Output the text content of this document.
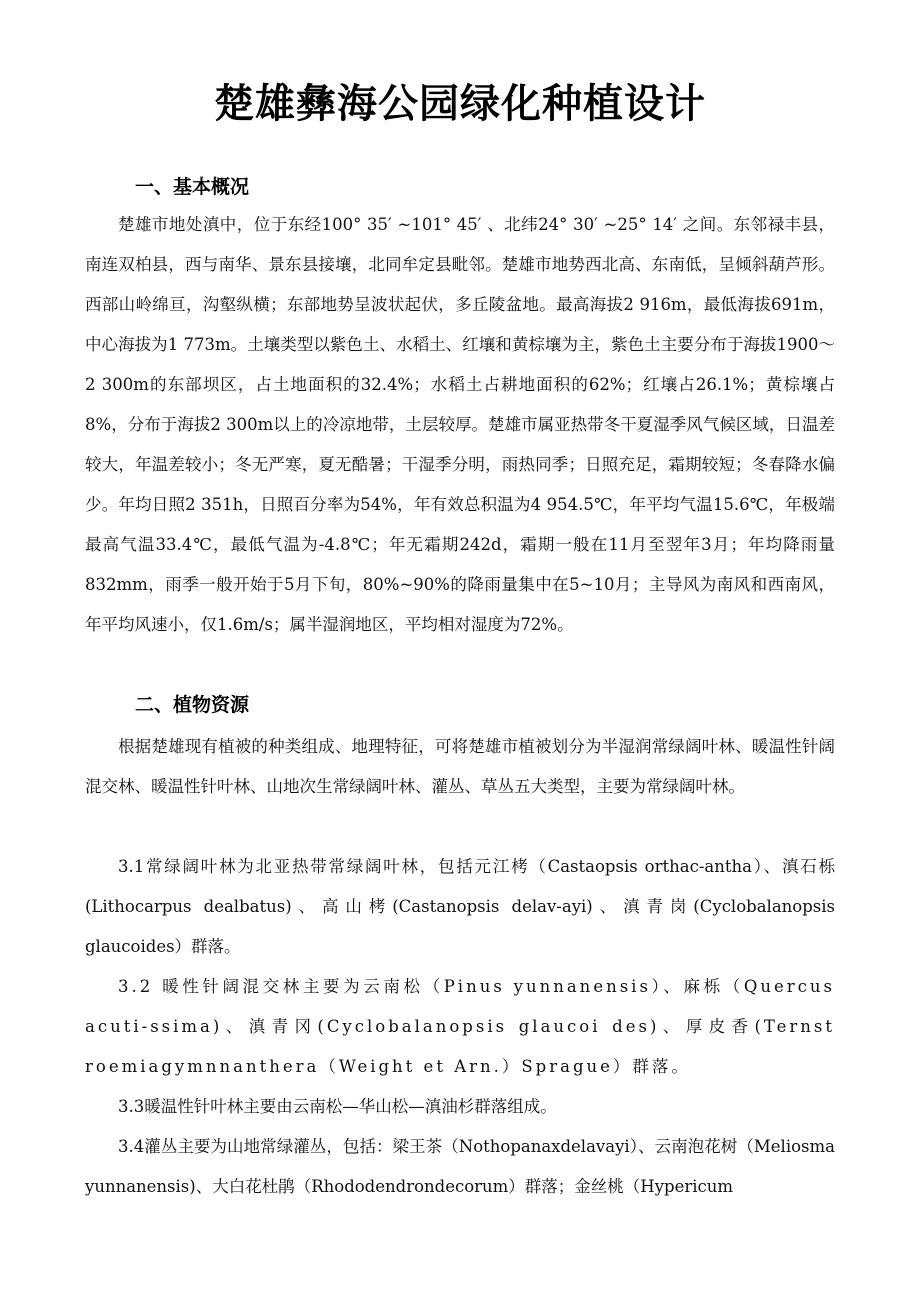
楚雄彝海公园绿化种植设计
一、基本概况

楚雄市地处滇中，位于东经100° 35′ ~101° 45′ 、北纬24° 30′ ~25° 14′ 之间。东邻禄丰县，南连双柏县，西与南华、景东县接壤，北同牟定县毗邻。楚雄市地势西北高、东南低，呈倾斜葫芦形。西部山岭绵亘，沟壑纵横；东部地势呈波状起伏，多丘陵盆地。最高海拔2 916m，最低海拔691m，中心海拔为1 773m。土壤类型以紫色土、水稻土、红壤和黄棕壤为主，紫色土主要分布于海拔1900～2 300m的东部坝区，占土地面积的32.4%；水稻土占耕地面积的62%；红壤占26.1%；黄棕壤占8%，分布于海拔2 300m以上的冷凉地带，土层较厚。楚雄市属亚热带冬干夏湿季风气候区域，日温差较大，年温差较小；冬无严寒，夏无酷暑；干湿季分明，雨热同季；日照充足，霜期较短；冬春降水偏少。年均日照2 351h，日照百分率为54%，年有效总积温为4 954.5℃，年平均气温15.6℃，年极端最高气温33.4℃，最低气温为-4.8℃；年无霜期242d，霜期一般在11月至翌年3月；年均降雨量832mm，雨季一般开始于5月下旬，80%~90%的降雨量集中在5~10月；主导风为南风和西南风，年平均风速小，仅1.6m/s；属半湿润地区，平均相对湿度为72%。

二、植物资源

根据楚雄现有植被的种类组成、地理特征，可将楚雄市植被划分为半湿润常绿阔叶林、暖温性针阔混交林、暖温性针叶林、山地次生常绿阔叶林、灌丛、草丛五大类型，主要为常绿阔叶林。

3.1常绿阔叶林为北亚热带常绿阔叶林，包括元江栲（Castaopsis orthac-antha）、滇石栎(Lithocarpus dealbatus)、高山栲(Castanopsis delav-ayi)、滇青岗(Cyclobalanopsis glaucoides）群落。

3.2 暖性针阔混交林主要为云南松（Pinus yunnanensis）、麻栎（Quercus acuti-ssima)、滇青冈(Cyclobalanopsis glaucoi des)、厚皮香(Ternst roemiagymnnanthera（Weight et Arn.）Sprague）群落。

3.3暖温性针叶林主要由云南松—华山松—滇油杉群落组成。

3.4灌丛主要为山地常绿灌丛，包括：梁王茶（Nothopanaxdelavayi）、云南泡花树（Meliosma yunnanensis)、大白花杜鹃（Rhododendrondecorum）群落；金丝桃（Hypericum
